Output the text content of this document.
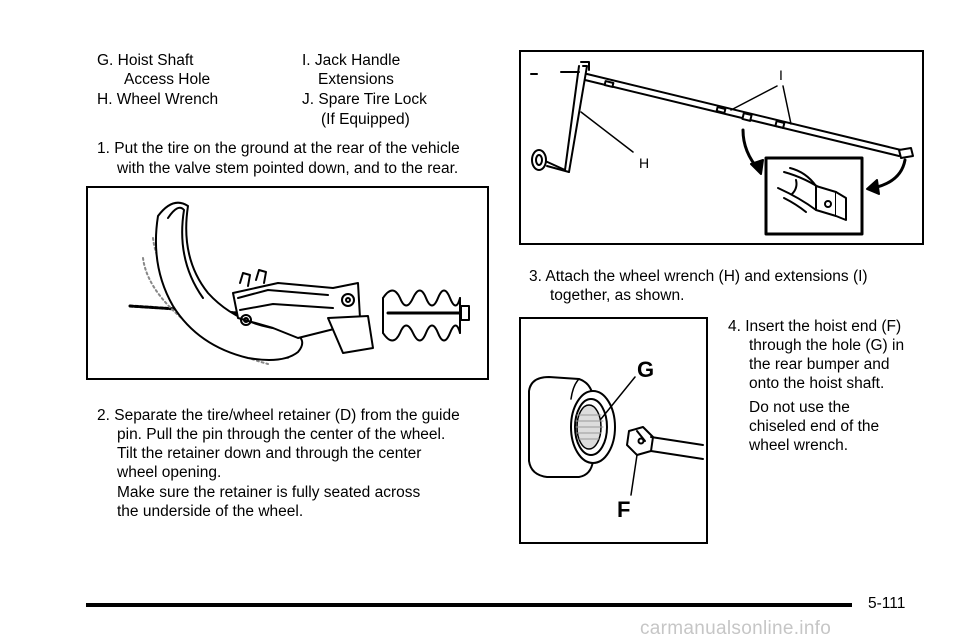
G. Hoist Shaft
Access Hole
H. Wheel Wrench
I. Jack Handle
Extensions
J. Spare Tire Lock
(If Equipped)
1. Put the tire on the ground at the rear of the vehicle
with the valve stem pointed down, and to the rear.
2. Separate the tire/wheel retainer (D) from the guide
pin. Pull the pin through the center of the wheel.
Tilt the retainer down and through the center
wheel opening.
Make sure the retainer is fully seated across
the underside of the wheel.
H
I
3. Attach the wheel wrench (H) and extensions (I)
together, as shown.
G
F
4. Insert the hoist end (F)
through the hole (G) in
the rear bumper and
onto the hoist shaft.
Do not use the
chiseled end of the
wheel wrench.
5-111
carmanualsonline.info
